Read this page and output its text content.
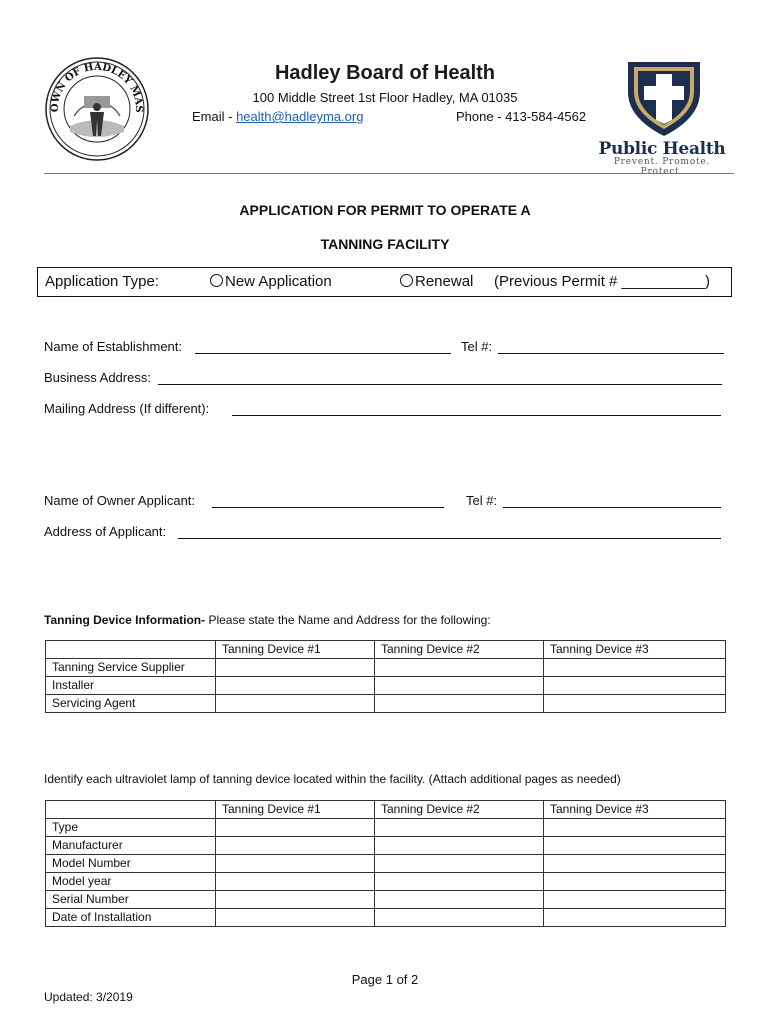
OWN OF HADLEY MAS
Hadley Board of Health
100 Middle Street 1st Floor Hadley, MA 01035
Email - health@hadleyma.org	Phone - 413-584-4562
Public Health
Prevent. Promote. Protect.
APPLICATION FOR PERMIT TO OPERATE A
TANNING FACILITY
Application Type:	New Application	Renewal (Previous Permit # __________)
Name of Establishment:	Tel #:
Business Address:
Mailing Address (If different):
Name of Owner Applicant:	Tel #:
Address of Applicant:
Tanning Device Information- Please state the Name and Address for the following:
	Tanning Device #1	Tanning Device #2	Tanning Device #3
Tanning Service Supplier			
Installer			
Servicing Agent			
Identify each ultraviolet lamp of tanning device located within the facility. (Attach additional pages as needed)
	Tanning Device #1	Tanning Device #2	Tanning Device #3
Type			
Manufacturer			
Model Number			
Model year			
Serial Number			
Date of Installation			
Page 1 of 2
Updated: 3/2019
